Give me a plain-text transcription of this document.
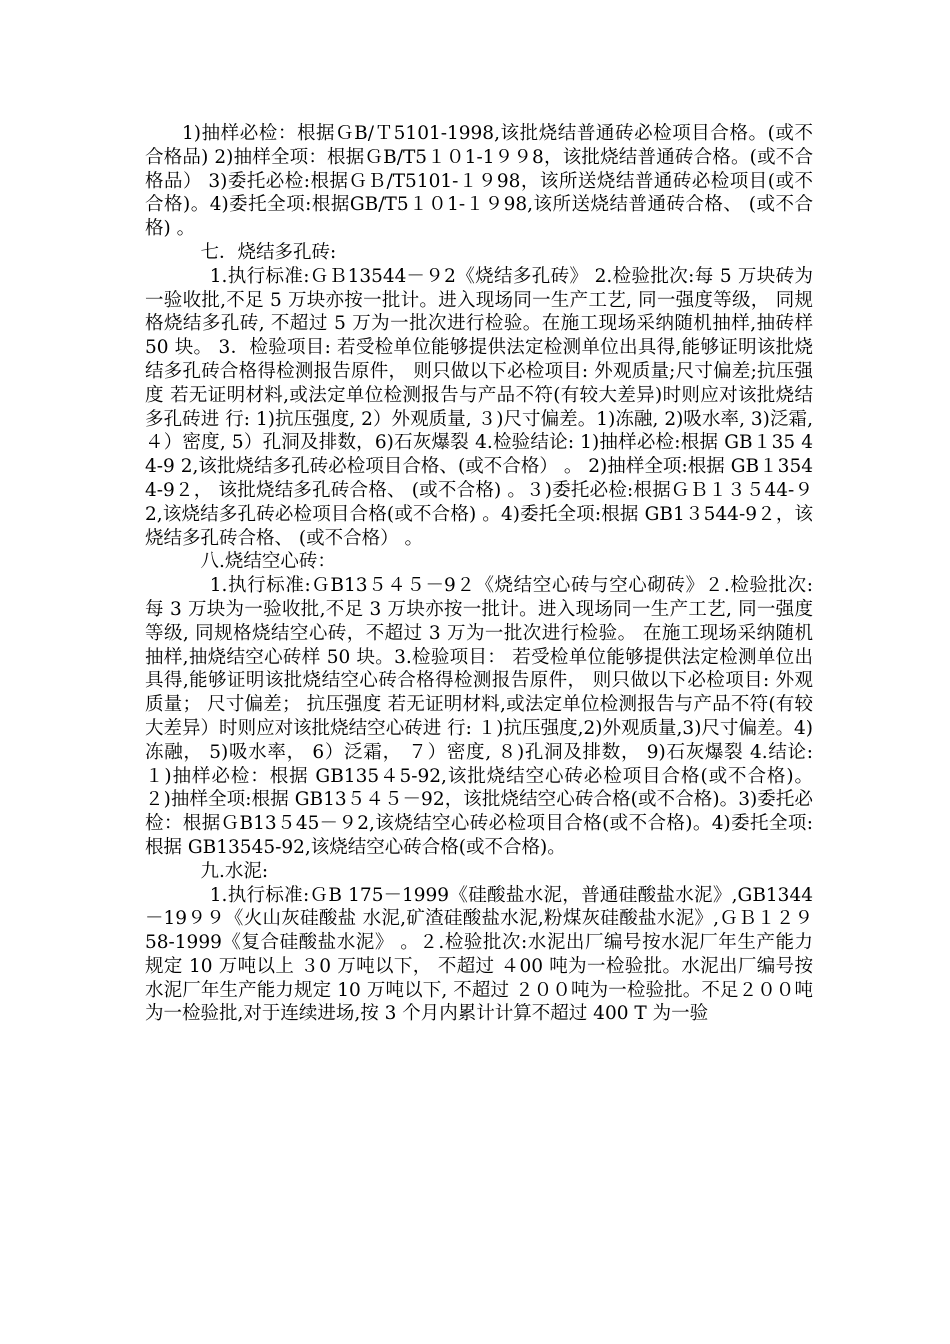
1)抽样必检：根据ＧB/Ｔ5101-1998,该批烧结普通砖必检项目合格。(或不合格品) 2)抽样全项：根据ＧB/T5１０1-1９９8，该批烧结普通砖合格。(或不合格品） 3)委托必检:根据ＧＢ/T5101-１９98，该所送烧结普通砖必检项目(或不合格)。4)委托全项:根据GB/T5１０1-１９98,该所送烧结普通砖合格、 (或不合格) 。

七．烧结多孔砖:

1.执行标准:ＧＢ13544－９2《烧结多孔砖》 2.检验批次:每 5 万块砖为一验收批,不足 5 万块亦按一批计。进入现场同一生产工艺, 同一强度等级， 同规格烧结多孔砖, 不超过 5 万为一批次进行检验。在施工现场采纳随机抽样,抽砖样 50 块。 3．检验项目: 若受检单位能够提供法定检测单位出具得,能够证明该批烧结多孔砖合格得检测报告原件， 则只做以下必检项目: 外观质量;尺寸偏差;抗压强度 若无证明材料,或法定单位检测报告与产品不符(有较大差异)时则应对该批烧结多孔砖进 行: 1)抗压强度, 2）外观质量, ３)尺寸偏差。1)冻融, 2)吸水率, 3)泛霜, ４）密度, 5）孔洞及排数，6)石灰爆裂 4.检验结论: 1)抽样必检:根据 GB１35 44-9 2,该批烧结多孔砖必检项目合格、(或不合格） 。 2)抽样全项:根据 GB１354 4-9２， 该批烧结多孔砖合格、 (或不合格) 。３)委托必检:根据ＧＢ１３５44-９2,该烧结多孔砖必检项目合格(或不合格) 。4)委托全项:根据 GB1３544-9２，该烧结多孔砖合格、 (或不合格） 。

八.烧结空心砖：

1.执行标准:ＧB13５４５－9２《烧结空心砖与空心砌砖》２.检验批次: 每 3 万块为一验收批,不足 3 万块亦按一批计。进入现场同一生产工艺, 同一强度等级, 同规格烧结空心砖，不超过 3 万为一批次进行检验。 在施工现场采纳随机抽样,抽烧结空心砖样 50 块。3.检验项目： 若受检单位能够提供法定检测单位出具得,能够证明该批烧结空心砖合格得检测报告原件， 则只做以下必检项目: 外观质量； 尺寸偏差； 抗压强度 若无证明材料,或法定单位检测报告与产品不符(有较大差异）时则应对该批烧结空心砖进 行: １)抗压强度,2)外观质量,3)尺寸偏差。4)冻融， 5)吸水率， 6）泛霜， ７）密度, ８)孔洞及排数， 9)石灰爆裂 4.结论: １)抽样必检：根据 GB135４5-92,该批烧结空心砖必检项目合格(或不合格)。 ２)抽样全项:根据 GB13５４５－92，该批烧结空心砖合格(或不合格)。3)委托必检：根据ＧB13５45－９2,该烧结空心砖必检项目合格(或不合格)。4)委托全项:根据 GB13545-92,该烧结空心砖合格(或不合格)。

九.水泥:

1.执行标准:ＧB 175－1999《硅酸盐水泥，普通硅酸盐水泥》,GB1344－19９９《火山灰硅酸盐 水泥,矿渣硅酸盐水泥,粉煤灰硅酸盐水泥》,ＧＢ１２９58-1999《复合硅酸盐水泥》 。２.检验批次:水泥出厂编号按水泥厂年生产能力规定 10 万吨以上 ３0 万吨以下， 不超过 ４00 吨为一检验批。水泥出厂编号按水泥厂年生产能力规定 10 万吨以下, 不超过 ２００吨为一检验批。不足２００吨为一检验批,对于连续进场,按 3 个月内累计计算不超过 400 T 为一验
